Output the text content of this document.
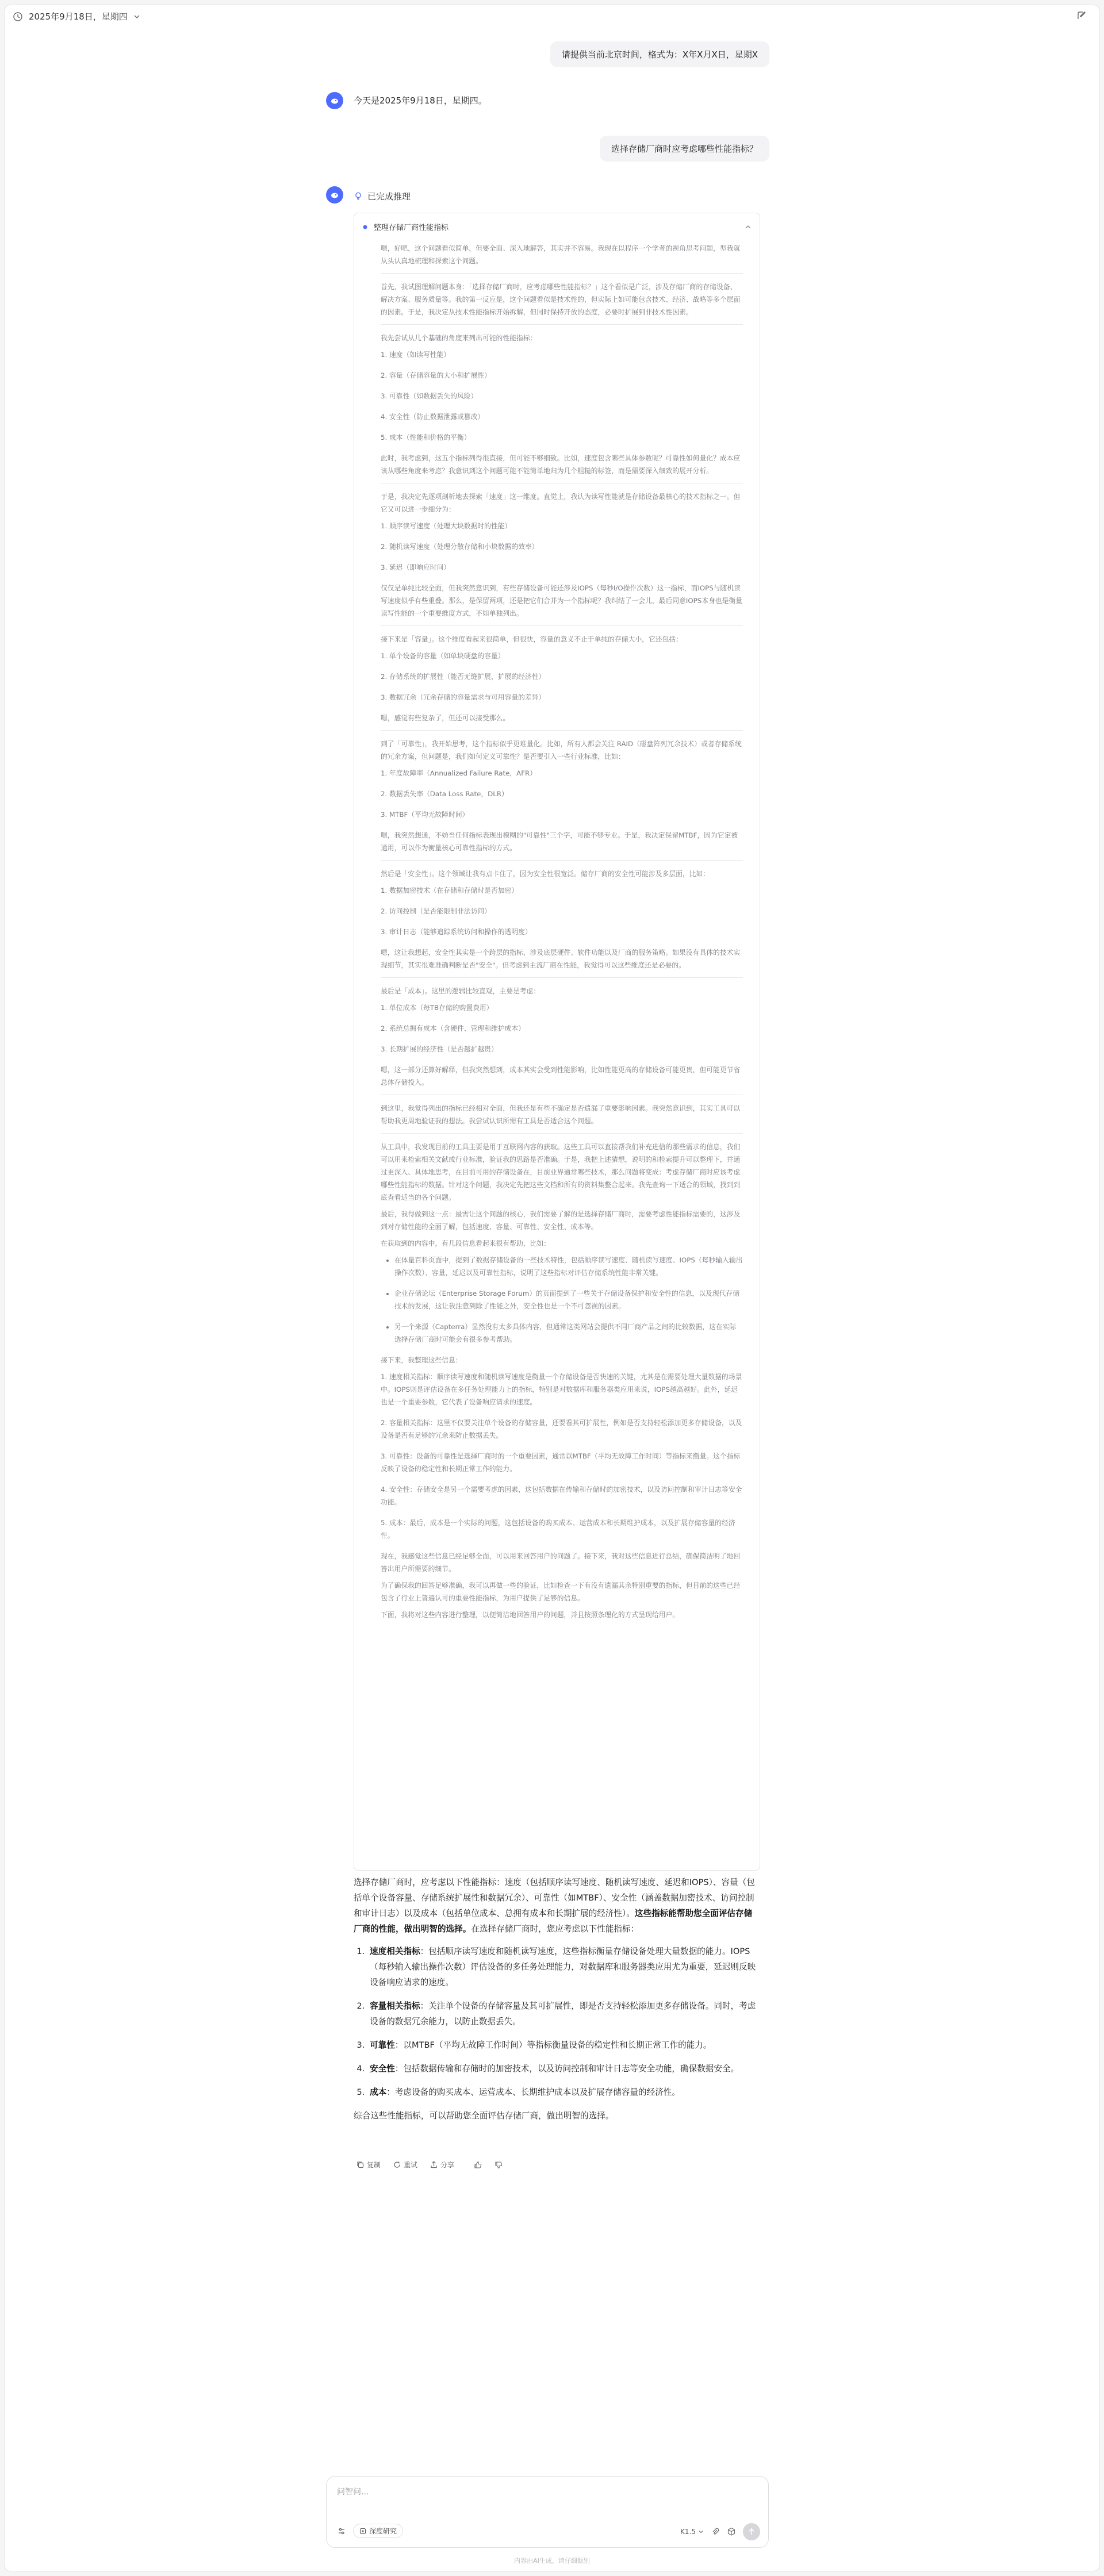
2025年9月18日，星期四
请提供当前北京时间，格式为：X年X月X日，星期X
今天是2025年9月18日，星期四。
选择存储厂商时应考虑哪些性能指标？
已完成推理
整理存储厂商性能指标

嗯，好吧，这个问题看似简单，但要全面、深入地解答，其实并不容易。我现在以程序一个学者的视角思考问题，型我就从头认真地梳理和探索这个问题。

首先，我试图理解问题本身：「选择存储厂商时，应考虑哪些性能指标？」这个看似是广泛，涉及存储厂商的存储设备、解决方案、服务质量等。我的第一反应是，这个问题看似是技术性的，但实际上如可能包含技术、经济、战略等多个层面的因素。于是，我决定从技术性能指标开始拆解，但同时保持开放的态度，必要时扩展到非技术性因素。

我先尝试从几个基础的角度来列出可能的性能指标：

1. 速度（如读写性能）
2. 容量（存储容量的大小和扩展性）
3. 可靠性（如数据丢失的风险）
4. 安全性（防止数据泄露或篡改）
5. 成本（性能和价格的平衡）

此时，我考虑到，这五个指标列得很直接，但可能不够细致。比如，速度包含哪些具体参数呢？可靠性如何量化？成本应该从哪些角度来考虑？我意识到这个问题可能不能简单地归为几个粗糙的标签，而是需要深入细致的展开分析。

于是，我决定先逐项剖析地去探索「速度」这一维度。直觉上，我认为读写性能就是存储设备最核心的技术指标之一。但它又可以进一步细分为：

1. 顺序读写速度（处理大块数据时的性能）
2. 随机读写速度（处理分散存储和小块数据的效率）
3. 延迟（即响应时间）

仅仅是单纯比较全面，但我突然意识到，有些存储设备可能还涉及IOPS（每秒I/O操作次数）这一指标，而IOPS与随机读写速度似乎有些重叠。那么，是保留两项，还是把它们合并为一个指标呢？我纠结了一会儿，最后同意IOPS本身也是衡量读写性能的一个重要维度方式，不如单独列出。

接下来是「容量」。这个维度看起来很简单，但很快，容量的意义不止于单纯的存储大小，它还包括：

1. 单个设备的容量（如单块硬盘的容量）
2. 存储系统的扩展性（能否无缝扩展，扩展的经济性）
3. 数据冗余（冗余存储的容量需求与可用容量的差异）

嗯，感觉有些复杂了，但还可以接受那么。

到了「可靠性」，我开始思考，这个指标似乎更难量化。比如，所有人都会关注 RAID（磁盘阵列冗余技术）或者存储系统的冗余方案，但问题是，我们如何定义可靠性？是否要引入一些行业标准，比如：

1. 年度故障率（Annualized Failure Rate，AFR）
2. 数据丢失率（Data Loss Rate，DLR）
3. MTBF（平均无故障时间）

嗯，我突然想通，不妨当任何指标表现出模糊的"可靠性"三个字，可能不够专业。于是，我决定保留MTBF，因为它定被通用，可以作为衡量核心可靠性指标的方式。

然后是「安全性」。这个领域让我有点卡住了，因为安全性很宽泛。储存厂商的安全性可能涉及多层面，比如：

1. 数据加密技术（在存储和存储时是否加密）
2. 访问控制（是否能限制非法访问）
3. 审计日志（能够追踪系统访问和操作的透明度）

嗯，这让我想起，安全性其实是一个跨层的指标，涉及底层硬件、软件功能以及厂商的服务策略。如果没有具体的技术实现细节，其实很难准确判断是否"安全"。但考虑到主流厂商在性能，我觉得可以这些维度还是必要的。

最后是「成本」。这里的逻辑比较直观，主要是考虑：

1. 单位成本（每TB存储的购置费用）
2. 系统总拥有成本（含硬件、管理和维护成本）
3. 长期扩展的经济性（是否越扩越贵）

嗯，这一部分还算好解释，但我突然想到，成本其实会受到性能影响，比如性能更高的存储设备可能更贵，但可能更节省总体存储投入。

到这里，我觉得列出的指标已经相对全面，但我还是有些不确定是否遗漏了重要影响因素。我突然意识到，其实工具可以帮助我更周地验证我的想法。我尝试认识所需有工具是否适合这个问题。

从工具中，我发现目前的工具主要是用于互联网内容的获取。这些工具可以直接帮我们补充进信的那些需求的信息，我们可以用来检索相关文献或行业标准，验证我的思路是否准确。于是，我把上述猜想，说明的和检索提升可以整理下，并通过更深入、具体地思考，在目前可用的存储设备在，目前业界通常哪些技术，那么问题将变成：考虑存储厂商时应该考虑哪些性能指标的数据。针对这个问题，我决定先把这些文档和所有的资料集整合起来。我先查询一下适合的领域，找到到底查看适当的各个问题。

最后，我得做到这一点：最需让这个问题的核心，我们需要了解的是选择存储厂商时，需要考虑性能指标需要的，这涉及到对存储性能的全面了解，包括速度、容量、可靠性、安全性、成本等。

在获取到的内容中，有几段信息看起来很有帮助，比如：

• 在体量百科页面中，提到了数据存储设备的一些技术特性，包括顺序读写速度、随机读写速度、IOPS（每秒输入输出操作次数）、容量，延迟以及可靠性指标，说明了这些指标对评估存储系统性能非常关键。
• 企业存储论坛（Enterprise Storage Forum）的页面提到了一些关于存储设备保护和安全性的信息，以及现代存储技术的发展，这让我注意到除了性能之外，安全性也是一个不可忽视的因素。
• 另一个来源（Capterra）显然没有太多具体内容，但通常这类网站会提供不同厂商产品之间的比较数据，这在实际选择存储厂商时可能会有很多参考帮助。

接下来，我整理这些信息：

1. 速度相关指标：顺序读写速度和随机读写速度是衡量一个存储设备是否快速的关键，尤其是在需要处理大量数据的场景中。IOPS则是评估设备在多任务处理能力上的指标，特别是对数据库和服务器类应用来说，IOPS越高越好。此外，延迟也是一个重要参数，它代表了设备响应请求的速度。
2. 容量相关指标：这里不仅要关注单个设备的存储容量，还要看其可扩展性，例如是否支持轻松添加更多存储设备，以及设备是否有足够的冗余来防止数据丢失。
3. 可靠性：设备的可靠性是选择厂商时的一个重要因素，通常以MTBF（平均无故障工作时间）等指标来衡量。这个指标反映了设备的稳定性和长期正常工作的能力。
4. 安全性：存储安全是另一个需要考虑的因素，这包括数据在传输和存储时的加密技术，以及访问控制和审计日志等安全功能。
5. 成本：最后，成本是一个实际的问题，这包括设备的购买成本、运营成本和长期维护成本，以及扩展存储容量的经济性。

现在，我感觉这些信息已经足够全面，可以用来回答用户的问题了。接下来，我对这些信息进行总结，确保简洁明了地回答出用户所需要的细节。

为了确保我的回答足够准确，我可以再做一些的验证，比如检查一下有没有遗漏其余特别重要的指标，但目前的这些已经包含了行业上普遍认可的重要性能指标，为用户提供了足够的信息。

下面，我将对这些内容进行整理，以便简洁地回答用户的问题，并且按照条理化的方式呈现给用户。

选择存储厂商时，应考虑以下性能指标：速度（包括顺序读写速度、随机读写速度、延迟和IOPS）、容量（包括单个设备容量、存储系统扩展性和数据冗余）、可靠性（如MTBF）、安全性（涵盖数据加密技术、访问控制和审计日志）以及成本（包括单位成本、总拥有成本和长期扩展的经济性）。这些指标能帮助您全面评估存储厂商的性能，做出明智的选择。在选择存储厂商时，您应考虑以下性能指标：

1. 速度相关指标：包括顺序读写速度和随机读写速度，这些指标衡量存储设备处理大量数据的能力。IOPS（每秒输入输出操作次数）评估设备的多任务处理能力，对数据库和服务器类应用尤为重要，延迟则反映设备响应请求的速度。
2. 容量相关指标：关注单个设备的存储容量及其可扩展性，即是否支持轻松添加更多存储设备。同时，考虑设备的数据冗余能力，以防止数据丢失。
3. 可靠性：以MTBF（平均无故障工作时间）等指标衡量设备的稳定性和长期正常工作的能力。
4. 安全性：包括数据传输和存储时的加密技术，以及访问控制和审计日志等安全功能，确保数据安全。
5. 成本：考虑设备的购买成本、运营成本、长期维护成本以及扩展存储容量的经济性。

综合这些性能指标，可以帮助您全面评估存储厂商，做出明智的选择。

复制	重试	分享
问智问...
深度研究	K1.5
内容由AI生成，请仔细甄别
